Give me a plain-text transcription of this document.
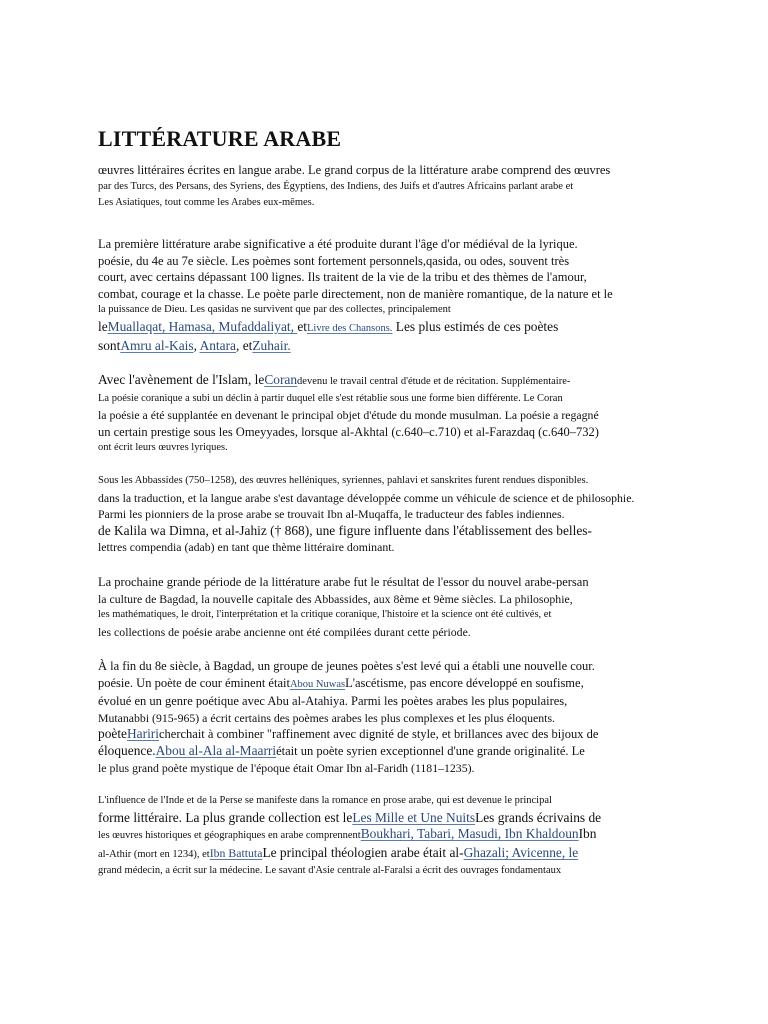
LITTÉRATURE ARABE
œuvres littéraires écrites en langue arabe. Le grand corpus de la littérature arabe comprend des œuvres
par des Turcs, des Persans, des Syriens, des Égyptiens, des Indiens, des Juifs et d'autres Africains parlant arabe et
Les Asiatiques, tout comme les Arabes eux-mêmes.
La première littérature arabe significative a été produite durant l'âge d'or médiéval de la lyrique.
poésie, du 4e au 7e siècle. Les poèmes sont fortement personnels,qasida, ou odes, souvent très
court, avec certains dépassant 100 lignes. Ils traitent de la vie de la tribu et des thèmes de l'amour,
combat, courage et la chasse. Le poète parle directement, non de manière romantique, de la nature et le
la puissance de Dieu. Les qasidas ne survivent que par des collectes, principalement
leMuallaqat, Hamasa, Mufaddaliyat, etLivre des Chansons. Les plus estimés de ces poètes
sontAmru al-Kais, Antara, etZuhair.
Avec l'avènement de l'Islam, leCorandevenu le travail central d'étude et de récitation. Supplémentaire-
La poésie coranique a subi un déclin à partir duquel elle s'est rétablie sous une forme bien différente. Le Coran
la poésie a été supplantée en devenant le principal objet d'étude du monde musulman. La poésie a regagné
un certain prestige sous les Omeyyades, lorsque al-Akhtal (c.640–c.710) et al-Farazdaq (c.640–732)
ont écrit leurs œuvres lyriques.
Sous les Abbassides (750–1258), des œuvres helléniques, syriennes, pahlavi et sanskrites furent rendues disponibles.
dans la traduction, et la langue arabe s'est davantage développée comme un véhicule de science et de philosophie.
Parmi les pionniers de la prose arabe se trouvait Ibn al-Muqaffa, le traducteur des fables indiennes.
de Kalila wa Dimna, et al-Jahiz († 868), une figure influente dans l'établissement des belles-
lettres compendia (adab) en tant que thème littéraire dominant.
La prochaine grande période de la littérature arabe fut le résultat de l'essor du nouvel arabe-persan
la culture de Bagdad, la nouvelle capitale des Abbassides, aux 8ème et 9ème siècles. La philosophie,
les mathématiques, le droit, l'interprétation et la critique coranique, l'histoire et la science ont été cultivés, et
les collections de poésie arabe ancienne ont été compilées durant cette période.
À la fin du 8e siècle, à Bagdad, un groupe de jeunes poètes s'est levé qui a établi une nouvelle cour.
poésie. Un poète de cour éminent étaitAbou NuwasL'ascétisme, pas encore développé en soufisme,
évolué en un genre poétique avec Abu al-Atahiya. Parmi les poètes arabes les plus populaires,
Mutanabbi (915-965) a écrit certains des poèmes arabes les plus complexes et les plus éloquents.
poèteHariricherchait à combiner "raffinement avec dignité de style, et brillances avec des bijoux de
éloquence.Abou al-Ala al-Maarriétait un poète syrien exceptionnel d'une grande originalité. Le
le plus grand poète mystique de l'époque était Omar Ibn al-Faridh (1181–1235).
L'influence de l'Inde et de la Perse se manifeste dans la romance en prose arabe, qui est devenue le principal
forme littéraire. La plus grande collection est leLes Mille et Une NuitsLes grands écrivains de
les œuvres historiques et géographiques en arabe comprennentBoukhari, Tabari, Masudi, Ibn KhaldounIbn
al-Athir (mort en 1234), etIbn BattutaLe principal théologien arabe était al-Ghazali; Avicenne, le
grand médecin, a écrit sur la médecine. Le savant d'Asie centrale al-Faralsi a écrit des ouvrages fondamentaux
